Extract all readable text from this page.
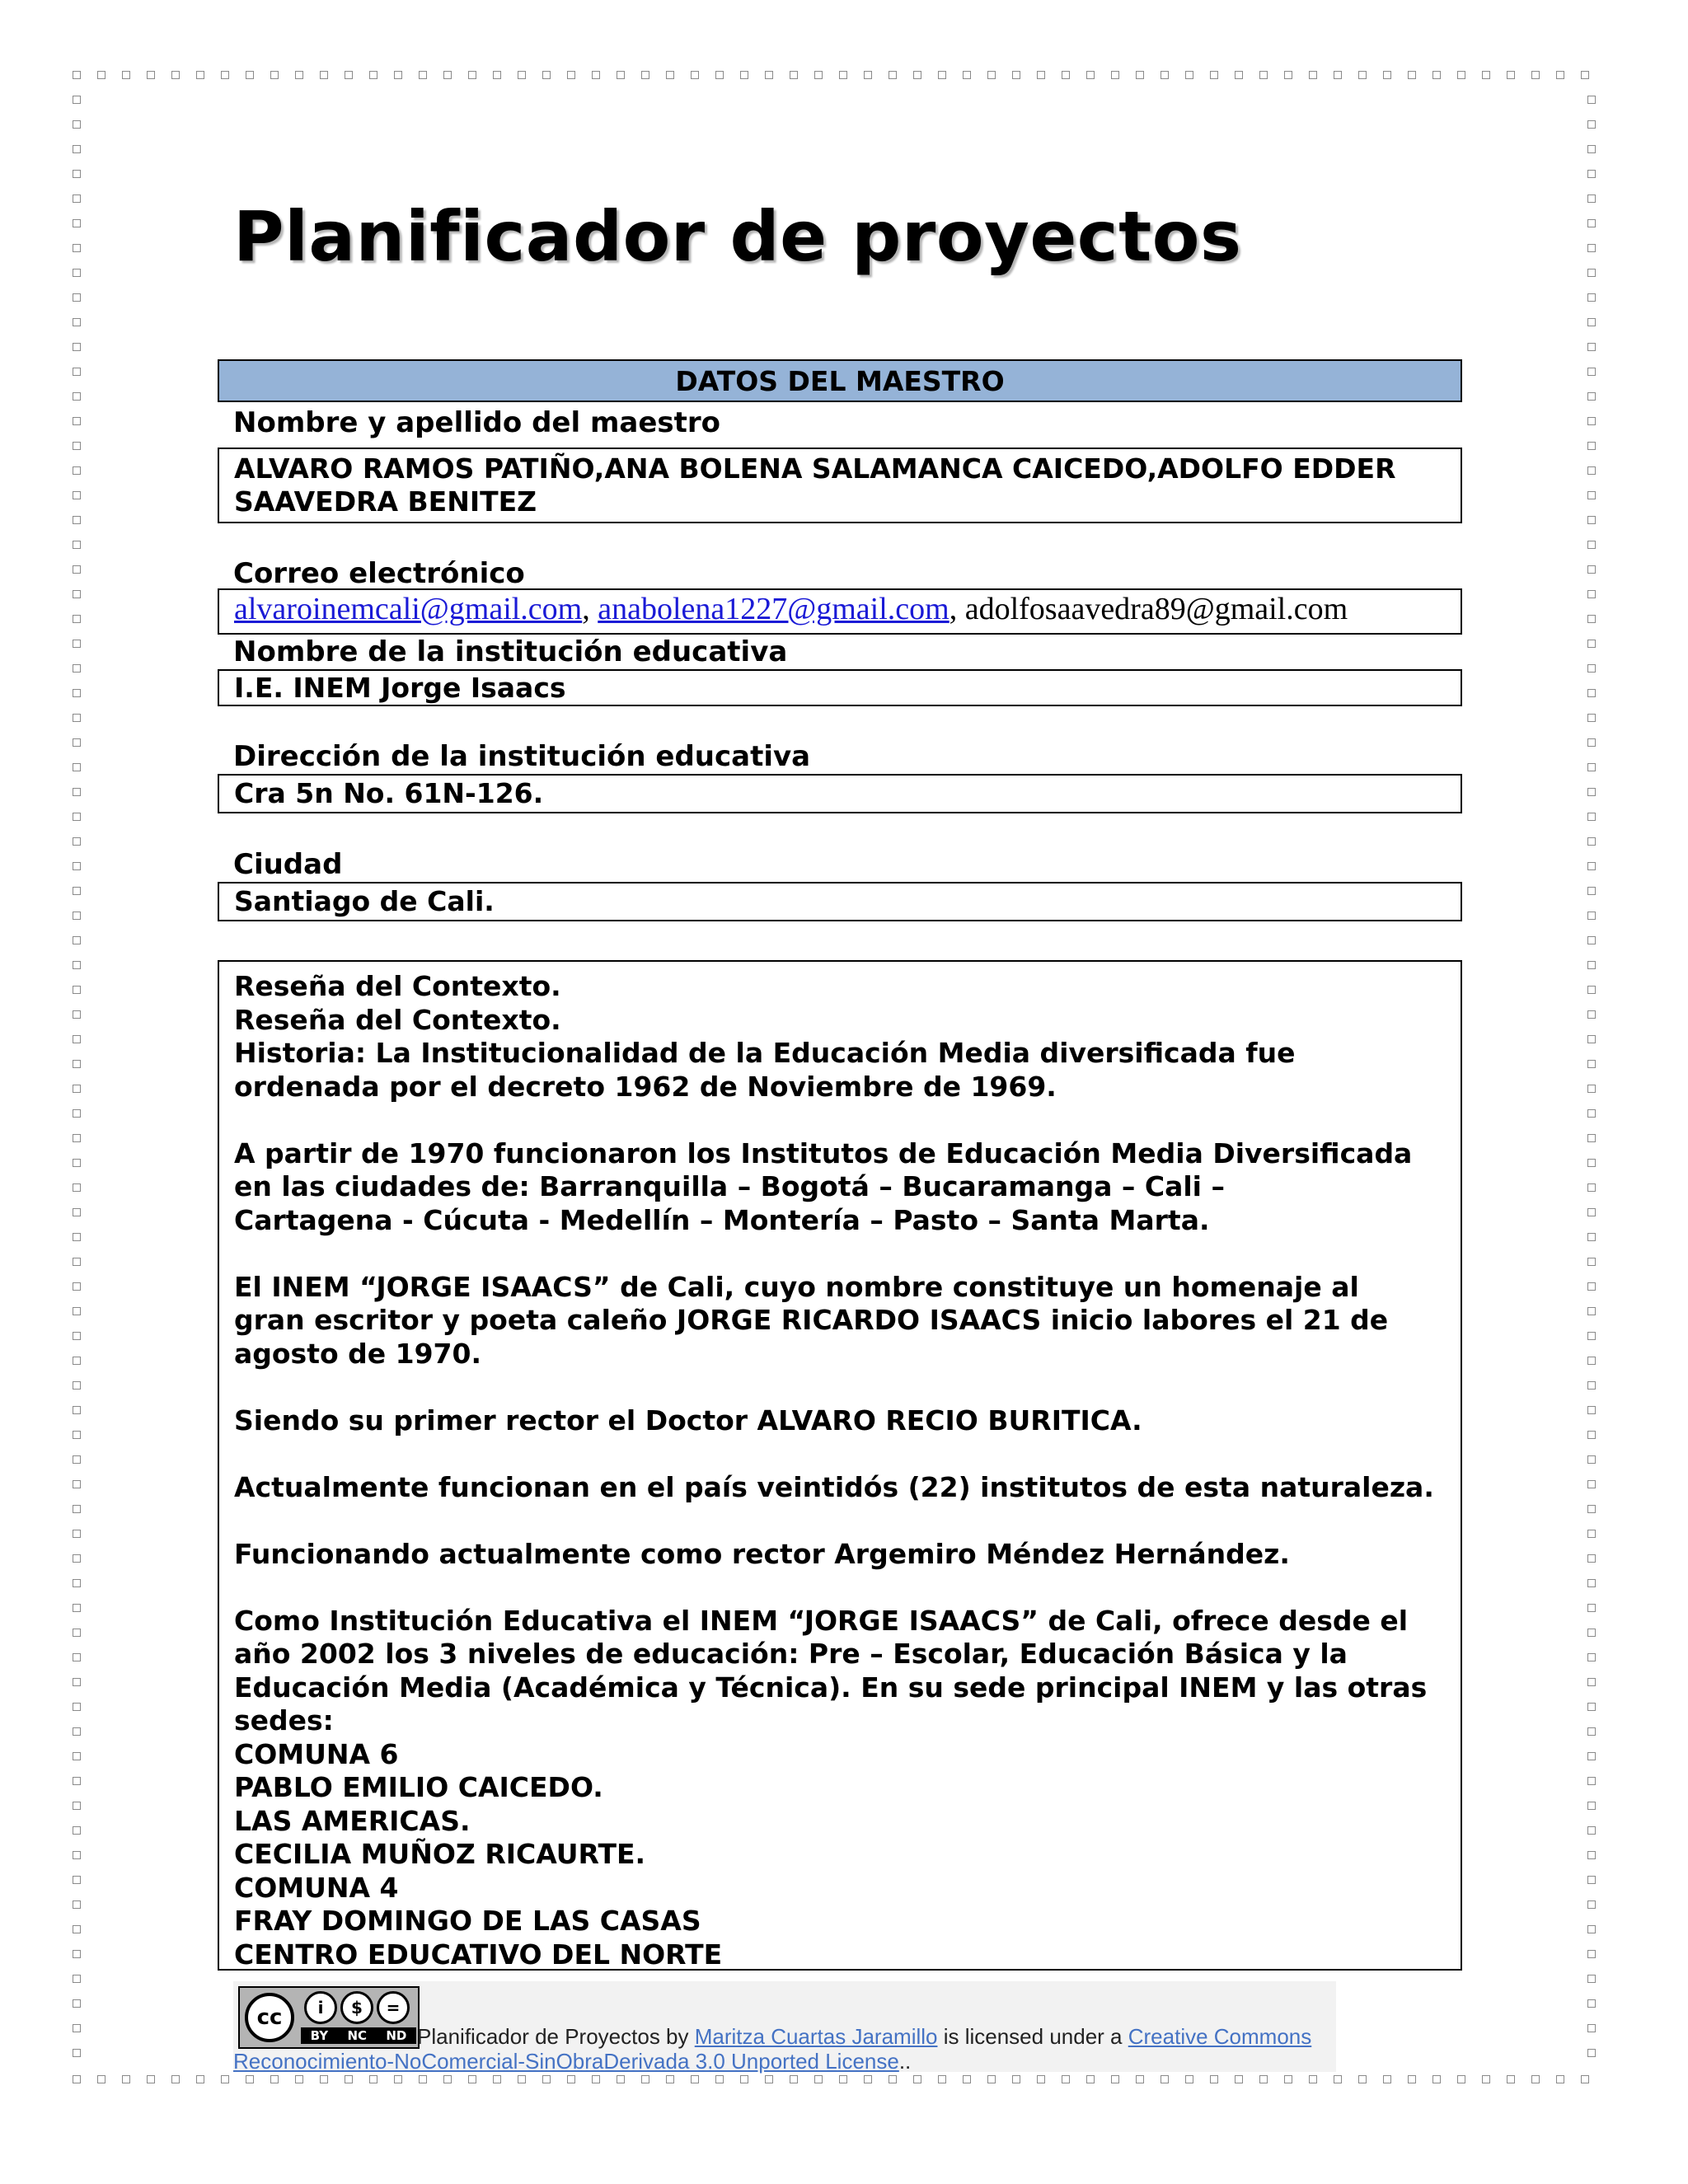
Planificador de proyectos
DATOS DEL MAESTRO
Nombre y apellido del maestro
ALVARO RAMOS PATIÑO,ANA BOLENA SALAMANCA CAICEDO,ADOLFO EDDER
SAAVEDRA BENITEZ
Correo electrónico
alvaroinemcali@gmail.com, anabolena1227@gmail.com, adolfosaavedra89@gmail.com
Nombre de la institución educativa
I.E. INEM Jorge Isaacs
Dirección de la institución educativa
Cra 5n No. 61N-126.
Ciudad
Santiago de Cali.

Reseña del Contexto.

Reseña del Contexto.

Historia: La Institucionalidad de la Educación Media diversificada fue

ordenada por el decreto 1962 de Noviembre de 1969.

A partir de 1970 funcionaron los Institutos de Educación Media Diversificada

en las ciudades de: Barranquilla – Bogotá – Bucaramanga – Cali –

Cartagena - Cúcuta - Medellín – Montería – Pasto – Santa Marta.

El INEM “JORGE ISAACS” de Cali, cuyo nombre constituye un homenaje al

gran escritor y poeta caleño JORGE RICARDO ISAACS inicio labores el 21 de

agosto de 1970.

Siendo su primer rector el Doctor ALVARO RECIO BURITICA.

Actualmente funcionan en el país veintidós (22) institutos de esta naturaleza.

Funcionando actualmente como rector Argemiro Méndez Hernández.

Como Institución Educativa el INEM “JORGE ISAACS” de Cali, ofrece desde el

año 2002 los 3 niveles de educación: Pre – Escolar, Educación Básica y la

Educación Media (Académica y Técnica). En su sede principal INEM y las otras

sedes:

COMUNA 6

PABLO EMILIO CAICEDO.

LAS AMERICAS.

CECILIA MUÑOZ RICAURTE.

COMUNA 4

FRAY DOMINGO DE LAS CASAS

CENTRO EDUCATIVO DEL NORTE

cc	i	$	=
BY NC ND Planificador de Proyectos by Maritza Cuartas Jaramillo is licensed under a Creative Commons
Reconocimiento-NoComercial-SinObraDerivada 3.0 Unported License..
